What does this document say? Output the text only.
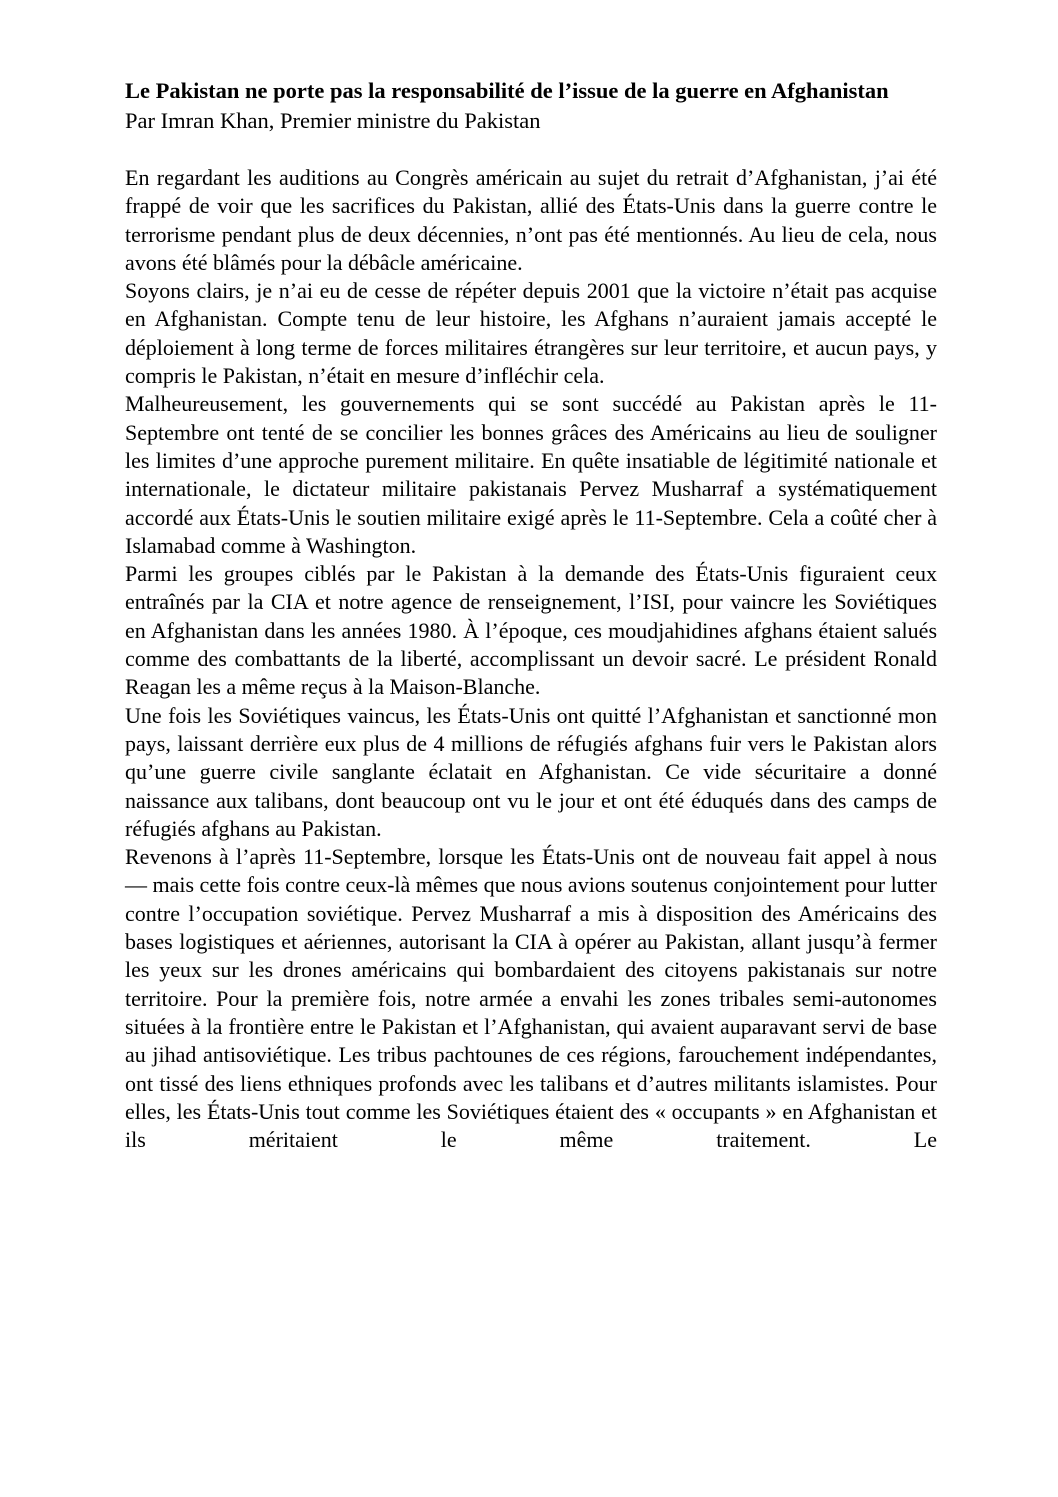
Le Pakistan ne porte pas la responsabilité de l’issue de la guerre en Afghanistan

Par Imran Khan, Premier ministre du Pakistan

En regardant les auditions au Congrès américain au sujet du retrait d’Afghanistan, j’ai été frappé de voir que les sacrifices du Pakistan, allié des États-Unis dans la guerre contre le terrorisme pendant plus de deux décennies, n’ont pas été mentionnés. Au lieu de cela, nous avons été blâmés pour la débâcle américaine.

Soyons clairs, je n’ai eu de cesse de répéter depuis 2001 que la victoire n’était pas acquise en Afghanistan. Compte tenu de leur histoire, les Afghans n’auraient jamais accepté le déploiement à long terme de forces militaires étrangères sur leur territoire, et aucun pays, y compris le Pakistan, n’était en mesure d’infléchir cela.

Malheureusement, les gouvernements qui se sont succédé au Pakistan après le 11-Septembre ont tenté de se concilier les bonnes grâces des Américains au lieu de souligner les limites d’une approche purement militaire. En quête insatiable de légitimité nationale et internationale, le dictateur militaire pakistanais Pervez Musharraf a systématiquement accordé aux États-Unis le soutien militaire exigé après le 11-Septembre. Cela a coûté cher à Islamabad comme à Washington.

Parmi les groupes ciblés par le Pakistan à la demande des États-Unis figuraient ceux entraînés par la CIA et notre agence de renseignement, l’ISI, pour vaincre les Soviétiques en Afghanistan dans les années 1980. À l’époque, ces moudjahidines afghans étaient salués comme des combattants de la liberté, accomplissant un devoir sacré. Le président Ronald Reagan les a même reçus à la Maison-Blanche.

Une fois les Soviétiques vaincus, les États-Unis ont quitté l’Afghanistan et sanctionné mon pays, laissant derrière eux plus de 4 millions de réfugiés afghans fuir vers le Pakistan alors qu’une guerre civile sanglante éclatait en Afghanistan. Ce vide sécuritaire a donné naissance aux talibans, dont beaucoup ont vu le jour et ont été éduqués dans des camps de réfugiés afghans au Pakistan.

Revenons à l’après 11-Septembre, lorsque les États-Unis ont de nouveau fait appel à nous — mais cette fois contre ceux-là mêmes que nous avions soutenus conjointement pour lutter contre l’occupation soviétique. Pervez Musharraf a mis à disposition des Américains des bases logistiques et aériennes, autorisant la CIA à opérer au Pakistan, allant jusqu’à fermer les yeux sur les drones américains qui bombardaient des citoyens pakistanais sur notre territoire. Pour la première fois, notre armée a envahi les zones tribales semi-autonomes situées à la frontière entre le Pakistan et l’Afghanistan, qui avaient auparavant servi de base au jihad antisoviétique. Les tribus pachtounes de ces régions, farouchement indépendantes, ont tissé des liens ethniques profonds avec les talibans et d’autres militants islamistes. Pour elles, les États-Unis tout comme les Soviétiques étaient des « occupants » en Afghanistan et ils méritaient le même traitement. Le
